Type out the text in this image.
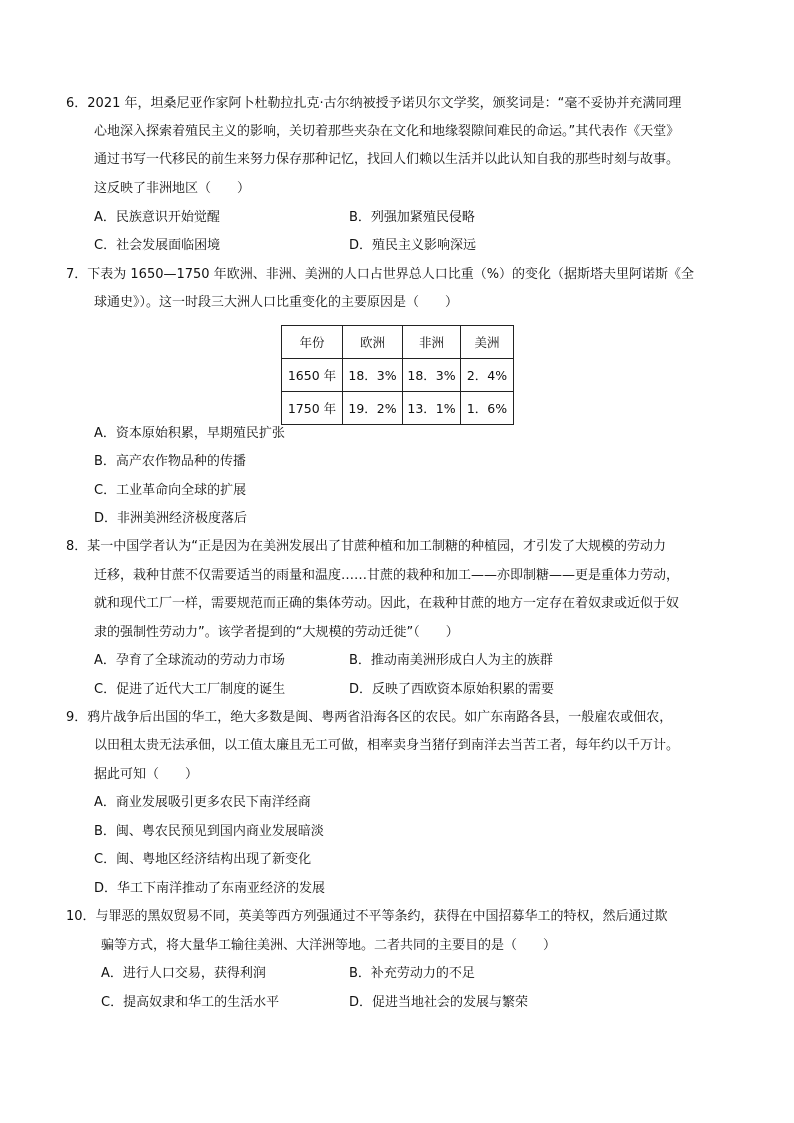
6．2021 年，坦桑尼亚作家阿卜杜勒拉扎克·古尔纳被授予诺贝尔文学奖，颁奖词是：“毫不妥协并充满同理
心地深入探索着殖民主义的影响，关切着那些夹杂在文化和地缘裂隙间难民的命运。”其代表作《天堂》
通过书写一代移民的前生来努力保存那种记忆，找回人们赖以生活并以此认知自我的那些时刻与故事。
这反映了非洲地区（　　）
A．民族意识开始觉醒	B．列强加紧殖民侵略
C．社会发展面临困境	D．殖民主义影响深远
7．下表为 1650—1750 年欧洲、非洲、美洲的人口占世界总人口比重（%）的变化（据斯塔夫里阿诺斯《全
球通史》）。这一时段三大洲人口比重变化的主要原因是（　　）
年份	欧洲	非洲	美洲
1650 年	18．3%	18．3%	2．4%
1750 年	19．2%	13．1%	1．6%
A．资本原始积累，早期殖民扩张
B．高产农作物品种的传播
C．工业革命向全球的扩展
D．非洲美洲经济极度落后
8．某一中国学者认为“正是因为在美洲发展出了甘蔗种植和加工制糖的种植园，才引发了大规模的劳动力
迁移，栽种甘蔗不仅需要适当的雨量和温度……甘蔗的栽种和加工——亦即制糖——更是重体力劳动，
就和现代工厂一样，需要规范而正确的集体劳动。因此，在栽种甘蔗的地方一定存在着奴隶或近似于奴
隶的强制性劳动力”。该学者提到的“大规模的劳动迁徙”（　　）
A．孕育了全球流动的劳动力市场	B．推动南美洲形成白人为主的族群
C．促进了近代大工厂制度的诞生	D．反映了西欧资本原始积累的需要
9．鸦片战争后出国的华工，绝大多数是闽、粤两省沿海各区的农民。如广东南路各县，一般雇农或佃农，
以田租太贵无法承佃，以工值太廉且无工可做，相率卖身当猪仔到南洋去当苦工者，每年约以千万计。
据此可知（　　）
A．商业发展吸引更多农民下南洋经商
B．闽、粤农民预见到国内商业发展暗淡
C．闽、粤地区经济结构出现了新变化
D．华工下南洋推动了东南亚经济的发展
10．与罪恶的黑奴贸易不同，英美等西方列强通过不平等条约，获得在中国招募华工的特权，然后通过欺
骗等方式，将大量华工输往美洲、大洋洲等地。二者共同的主要目的是（　　）
A．进行人口交易，获得利润	B．补充劳动力的不足
C．提高奴隶和华工的生活水平	D．促进当地社会的发展与繁荣
